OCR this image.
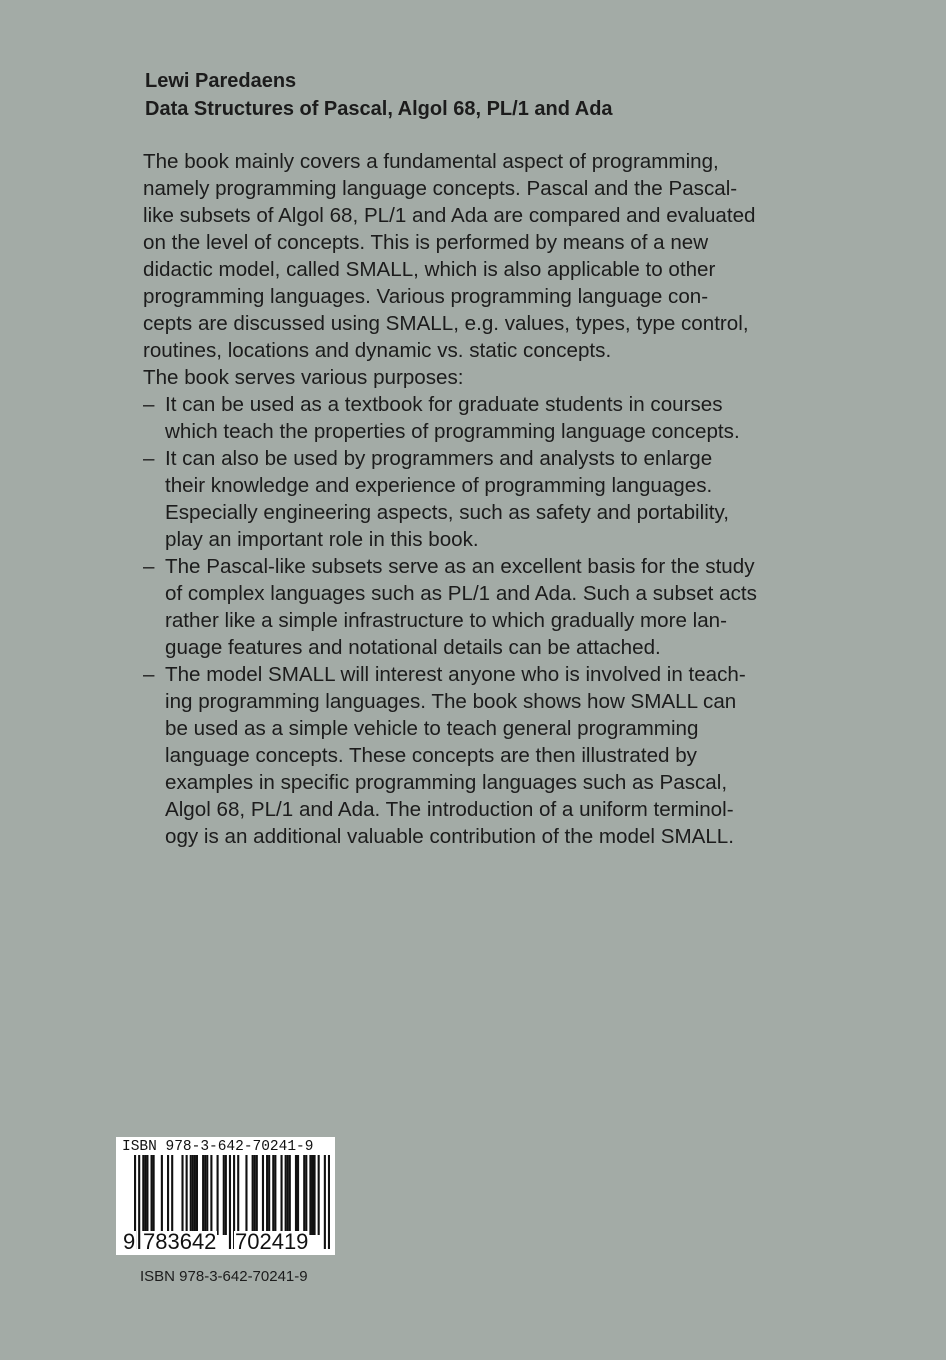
Lewi Paredaens
Data Structures of Pascal, Algol 68, PL/1 and Ada
The book mainly covers a fundamental aspect of programming,
namely programming language concepts. Pascal and the Pascal-
like subsets of Algol 68, PL/1 and Ada are compared and evaluated
on the level of concepts. This is performed by means of a new
didactic model, called SMALL, which is also applicable to other
programming languages. Various programming language con-
cepts are discussed using SMALL, e.g. values, types, type control,
routines, locations and dynamic vs. static concepts.
The book serves various purposes:
– It can be used as a textbook for graduate students in courses
which teach the properties of programming language concepts.
– It can also be used by programmers and analysts to enlarge
their knowledge and experience of programming languages.
Especially engineering aspects, such as safety and portability,
play an important role in this book.
– The Pascal-like subsets serve as an excellent basis for the study
of complex languages such as PL/1 and Ada. Such a subset acts
rather like a simple infrastructure to which gradually more lan-
guage features and notational details can be attached.
– The model SMALL will interest anyone who is involved in teach-
ing programming languages. The book shows how SMALL can
be used as a simple vehicle to teach general programming
language concepts. These concepts are then illustrated by
examples in specific programming languages such as Pascal,
Algol 68, PL/1 and Ada. The introduction of a uniform terminol-
ogy is an additional valuable contribution of the model SMALL.
ISBN 978-3-642-70241-9
9 783642 702419
ISBN 978-3-642-70241-9
